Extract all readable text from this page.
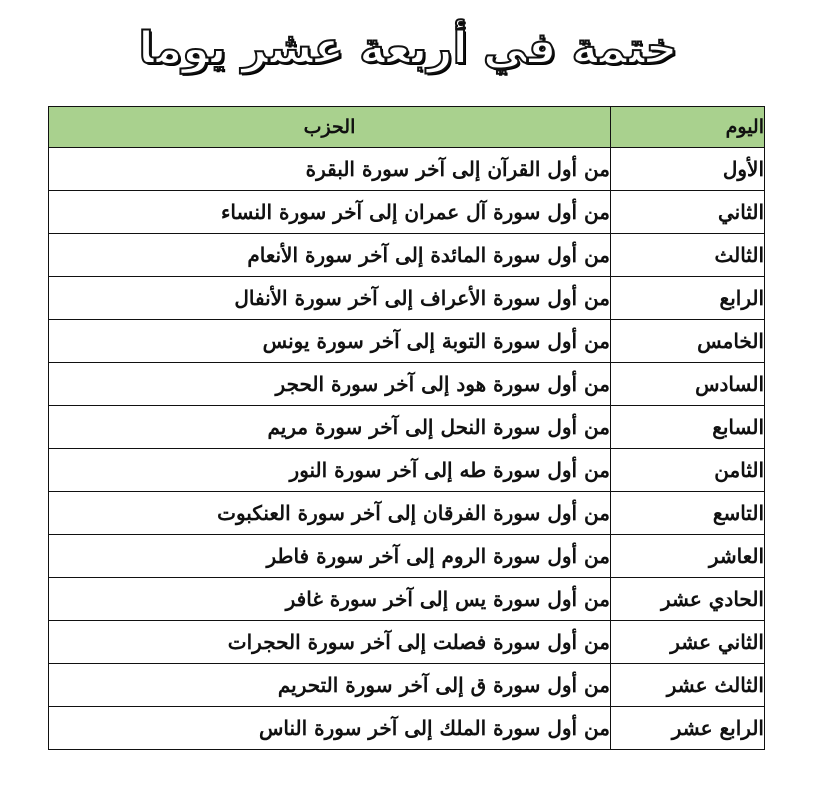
ختمة في أربعة عشر يوما
اليوم	الحزب
الأول	من أول القرآن إلى آخر سورة البقرة
الثاني	من أول سورة آل عمران إلى آخر سورة النساء
الثالث	من أول سورة المائدة إلى آخر سورة الأنعام
الرابع	من أول سورة الأعراف إلى آخر سورة الأنفال
الخامس	من أول سورة التوبة إلى آخر سورة يونس
السادس	من أول سورة هود إلى آخر سورة الحجر
السابع	من أول سورة النحل إلى آخر سورة مريم
الثامن	من أول سورة طه إلى آخر سورة النور
التاسع	من أول سورة الفرقان إلى آخر سورة العنكبوت
العاشر	من أول سورة الروم إلى آخر سورة فاطر
الحادي عشر	من أول سورة يس إلى آخر سورة غافر
الثاني عشر	من أول سورة فصلت إلى آخر سورة الحجرات
الثالث عشر	من أول سورة ق إلى آخر سورة التحريم
الرابع عشر	من أول سورة الملك إلى آخر سورة الناس
